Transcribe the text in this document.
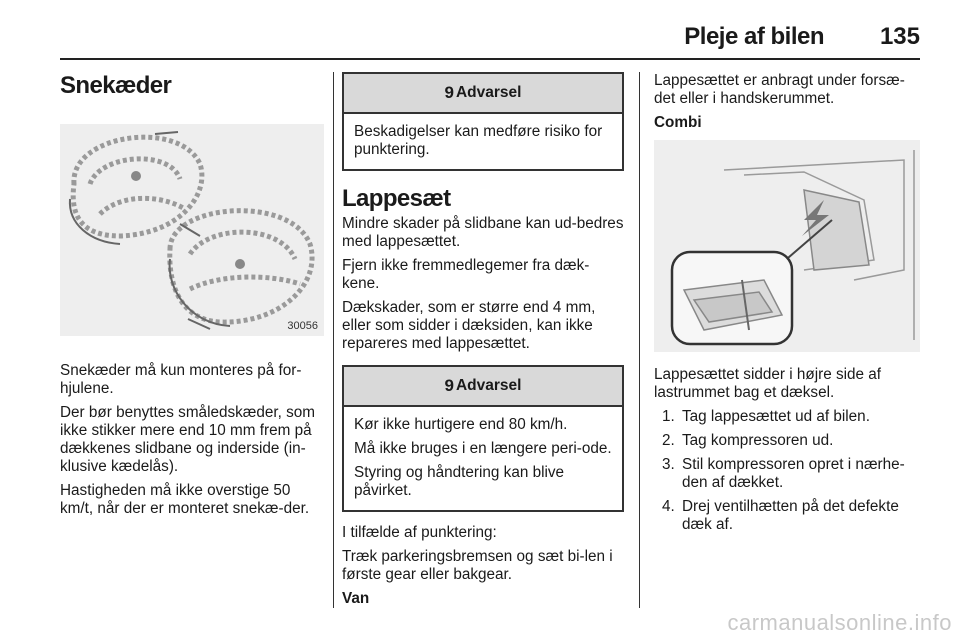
Pleje af bilen 135
Snekæder
30056

Snekæder må kun monteres på for-hjulene.

Der bør benyttes småledskæder, som ikke stikker mere end 10 mm frem på dækkenes slidbane og inderside (in-klusive kædelås).

Hastigheden må ikke overstige 50 km/t, når der er monteret snekæ-der.

9 Advarsel

Beskadigelser kan medføre risiko for punktering.

Lappesæt

Mindre skader på slidbane kan ud-bedres med lappesættet.

Fjern ikke fremmedlegemer fra dæk-kene.

Dækskader, som er større end 4 mm, eller som sidder i dæksiden, kan ikke repareres med lappesættet.

9 Advarsel

Kør ikke hurtigere end 80 km/h.

Må ikke bruges i en længere peri-ode.

Styring og håndtering kan blive påvirket.

I tilfælde af punktering:

Træk parkeringsbremsen og sæt bi-len i første gear eller bakgear.

Van

Lappesættet er anbragt under forsæ-det eller i handskerummet.

Combi

Lappesættet sidder i højre side af lastrummet bag et dæksel.

1. Tag lappesættet ud af bilen.
2. Tag kompressoren ud.
3. Stil kompressoren opret i nærhe-den af dækket.
4. Drej ventilhætten på det defekte dæk af.
carmanualsonline.info
